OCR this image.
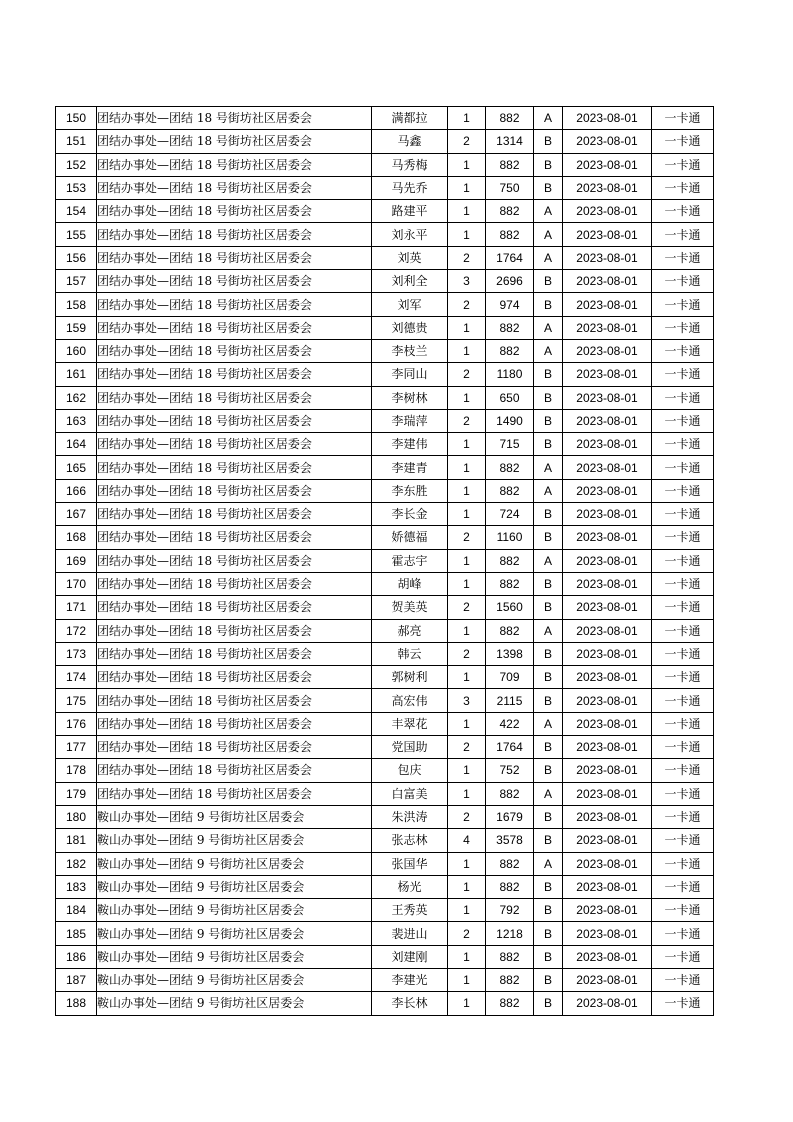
150	团结办事处—团结 18 号街坊社区居委会	满都拉	1	882	A	2023-08-01	一卡通
151	团结办事处—团结 18 号街坊社区居委会	马鑫	2	1314	B	2023-08-01	一卡通
152	团结办事处—团结 18 号街坊社区居委会	马秀梅	1	882	B	2023-08-01	一卡通
153	团结办事处—团结 18 号街坊社区居委会	马先乔	1	750	B	2023-08-01	一卡通
154	团结办事处—团结 18 号街坊社区居委会	路建平	1	882	A	2023-08-01	一卡通
155	团结办事处—团结 18 号街坊社区居委会	刘永平	1	882	A	2023-08-01	一卡通
156	团结办事处—团结 18 号街坊社区居委会	刘英	2	1764	A	2023-08-01	一卡通
157	团结办事处—团结 18 号街坊社区居委会	刘利全	3	2696	B	2023-08-01	一卡通
158	团结办事处—团结 18 号街坊社区居委会	刘军	2	974	B	2023-08-01	一卡通
159	团结办事处—团结 18 号街坊社区居委会	刘德贵	1	882	A	2023-08-01	一卡通
160	团结办事处—团结 18 号街坊社区居委会	李枝兰	1	882	A	2023-08-01	一卡通
161	团结办事处—团结 18 号街坊社区居委会	李同山	2	1180	B	2023-08-01	一卡通
162	团结办事处—团结 18 号街坊社区居委会	李树林	1	650	B	2023-08-01	一卡通
163	团结办事处—团结 18 号街坊社区居委会	李瑞萍	2	1490	B	2023-08-01	一卡通
164	团结办事处—团结 18 号街坊社区居委会	李建伟	1	715	B	2023-08-01	一卡通
165	团结办事处—团结 18 号街坊社区居委会	李建青	1	882	A	2023-08-01	一卡通
166	团结办事处—团结 18 号街坊社区居委会	李东胜	1	882	A	2023-08-01	一卡通
167	团结办事处—团结 18 号街坊社区居委会	李长金	1	724	B	2023-08-01	一卡通
168	团结办事处—团结 18 号街坊社区居委会	娇德福	2	1160	B	2023-08-01	一卡通
169	团结办事处—团结 18 号街坊社区居委会	霍志宇	1	882	A	2023-08-01	一卡通
170	团结办事处—团结 18 号街坊社区居委会	胡峰	1	882	B	2023-08-01	一卡通
171	团结办事处—团结 18 号街坊社区居委会	贺美英	2	1560	B	2023-08-01	一卡通
172	团结办事处—团结 18 号街坊社区居委会	郝亮	1	882	A	2023-08-01	一卡通
173	团结办事处—团结 18 号街坊社区居委会	韩云	2	1398	B	2023-08-01	一卡通
174	团结办事处—团结 18 号街坊社区居委会	郭树利	1	709	B	2023-08-01	一卡通
175	团结办事处—团结 18 号街坊社区居委会	高宏伟	3	2115	B	2023-08-01	一卡通
176	团结办事处—团结 18 号街坊社区居委会	丰翠花	1	422	A	2023-08-01	一卡通
177	团结办事处—团结 18 号街坊社区居委会	党国助	2	1764	B	2023-08-01	一卡通
178	团结办事处—团结 18 号街坊社区居委会	包庆	1	752	B	2023-08-01	一卡通
179	团结办事处—团结 18 号街坊社区居委会	白富美	1	882	A	2023-08-01	一卡通
180	鞍山办事处—团结 9 号街坊社区居委会	朱洪涛	2	1679	B	2023-08-01	一卡通
181	鞍山办事处—团结 9 号街坊社区居委会	张志林	4	3578	B	2023-08-01	一卡通
182	鞍山办事处—团结 9 号街坊社区居委会	张国华	1	882	A	2023-08-01	一卡通
183	鞍山办事处—团结 9 号街坊社区居委会	杨光	1	882	B	2023-08-01	一卡通
184	鞍山办事处—团结 9 号街坊社区居委会	王秀英	1	792	B	2023-08-01	一卡通
185	鞍山办事处—团结 9 号街坊社区居委会	裴进山	2	1218	B	2023-08-01	一卡通
186	鞍山办事处—团结 9 号街坊社区居委会	刘建刚	1	882	B	2023-08-01	一卡通
187	鞍山办事处—团结 9 号街坊社区居委会	李建光	1	882	B	2023-08-01	一卡通
188	鞍山办事处—团结 9 号街坊社区居委会	李长林	1	882	B	2023-08-01	一卡通
